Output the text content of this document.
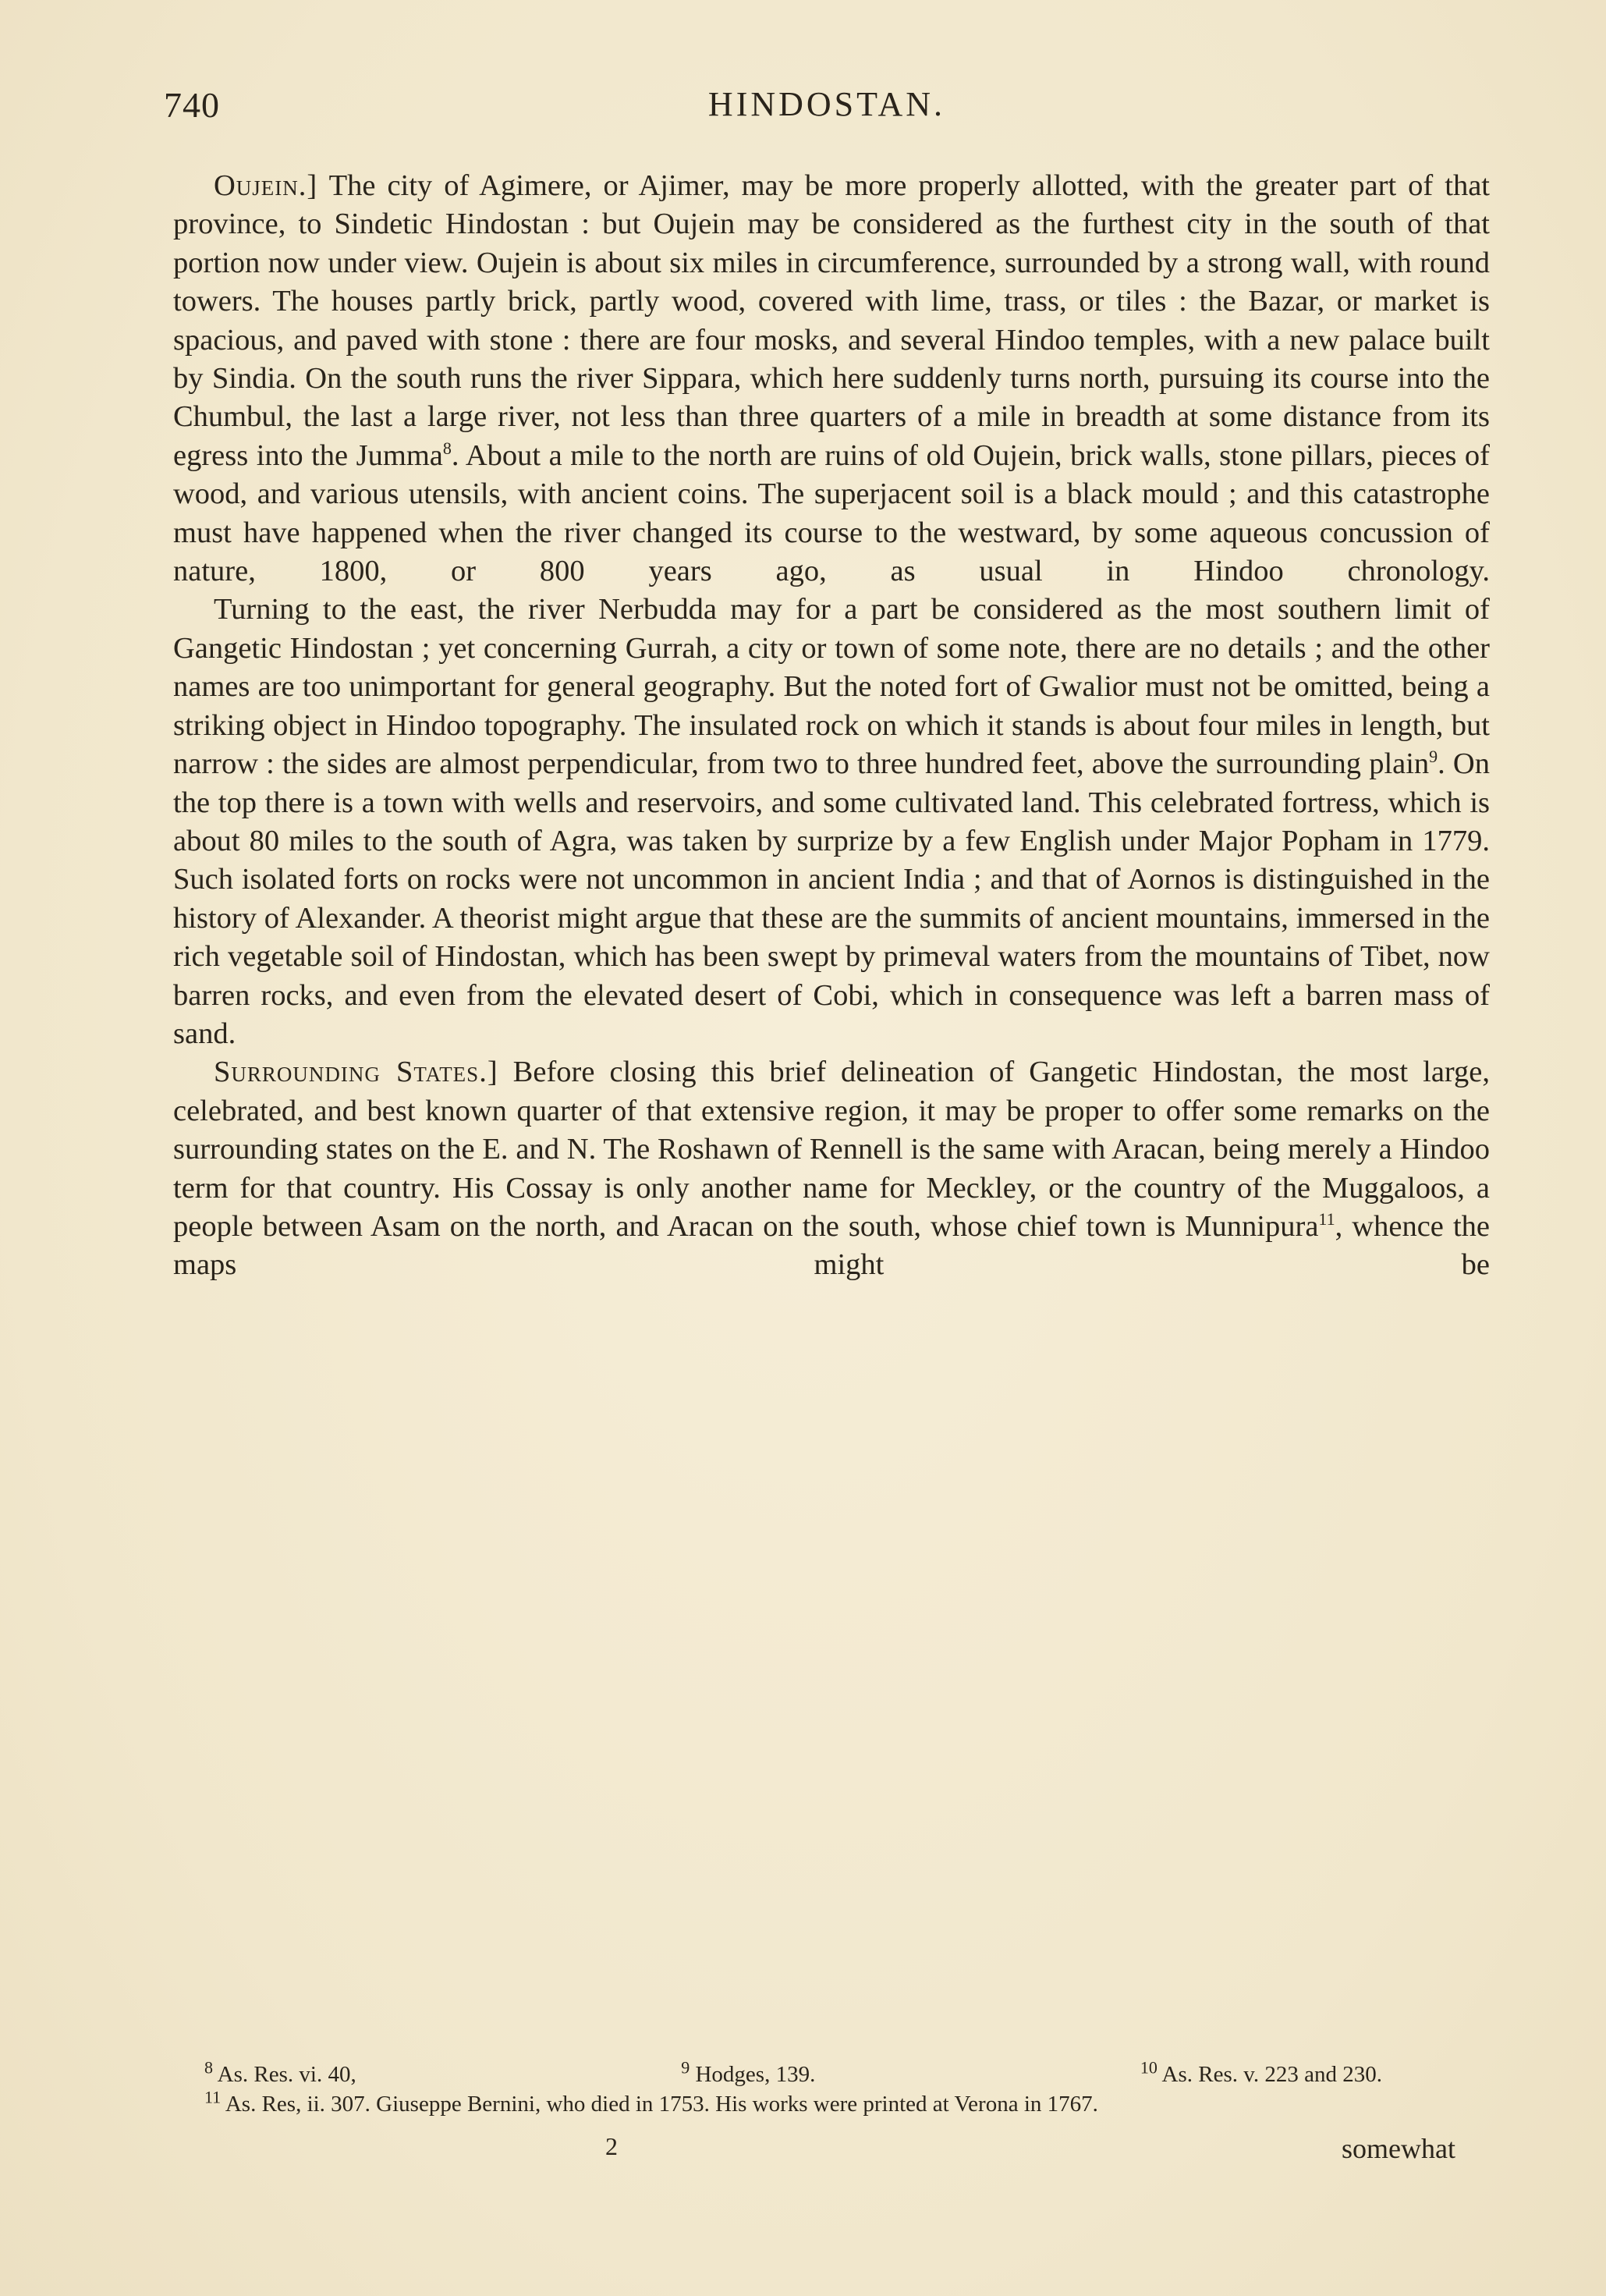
740	HINDOSTAN.

Oujein.] The city of Agimere, or Ajimer, may be more properly allotted, with the greater part of that province, to Sindetic Hindostan : but Oujein may be considered as the furthest city in the south of that portion now under view. Oujein is about six miles in circumference, surrounded by a strong wall, with round towers. The houses partly brick, partly wood, covered with lime, trass, or tiles : the Bazar, or market is spacious, and paved with stone : there are four mosks, and several Hindoo temples, with a new palace built by Sindia. On the south runs the river Sippara, which here suddenly turns north, pursuing its course into the Chumbul, the last a large river, not less than three quarters of a mile in breadth at some distance from its egress into the Jumma$^8$. About a mile to the north are ruins of old Oujein, brick walls, stone pillars, pieces of wood, and various utensils, with ancient coins. The superjacent soil is a black mould ; and this catastrophe must have happened when the river changed its course to the westward, by some aqueous concussion of nature, 1800, or 800 years ago, as usual in Hindoo chronology.

Turning to the east, the river Nerbudda may for a part be considered as the most southern limit of Gangetic Hindostan ; yet concerning Gurrah, a city or town of some note, there are no details ; and the other names are too unimportant for general geography. But the noted fort of Gwalior must not be omitted, being a striking object in Hindoo topography. The insulated rock on which it stands is about four miles in length, but narrow : the sides are almost perpendicular, from two to three hundred feet, above the surrounding plain$^9$. On the top there is a town with wells and reservoirs, and some cultivated land. This celebrated fortress, which is about 80 miles to the south of Agra, was taken by surprize by a few English under Major Popham in 1779. Such isolated forts on rocks were not uncommon in ancient India ; and that of Aornos is distinguished in the history of Alexander. A theorist might argue that these are the summits of ancient mountains, immersed in the rich vegetable soil of Hindostan, which has been swept by primeval waters from the mountains of Tibet, now barren rocks, and even from the elevated desert of Cobi, which in consequence was left a barren mass of sand.

Surrounding States.] Before closing this brief delineation of Gangetic Hindostan, the most large, celebrated, and best known quarter of that extensive region, it may be proper to offer some remarks on the surrounding states on the E. and N. The Roshawn of Rennell is the same with Aracan, being merely a Hindoo term for that country. His Cossay is only another name for Meckley, or the country of the Muggaloos, a people between Asam on the north, and Aracan on the south, whose chief town is Munnipura$^{11}$, whence the maps might be

$^8$ As. Res. vi. 40,	$^9$ Hodges, 139.	$^{10}$ As. Res. v. 223 and 230.
$^{11}$ As. Res, ii. 307. Giuseppe Bernini, who died in 1753. His works were printed at Verona in 1767.
2	somewhat
